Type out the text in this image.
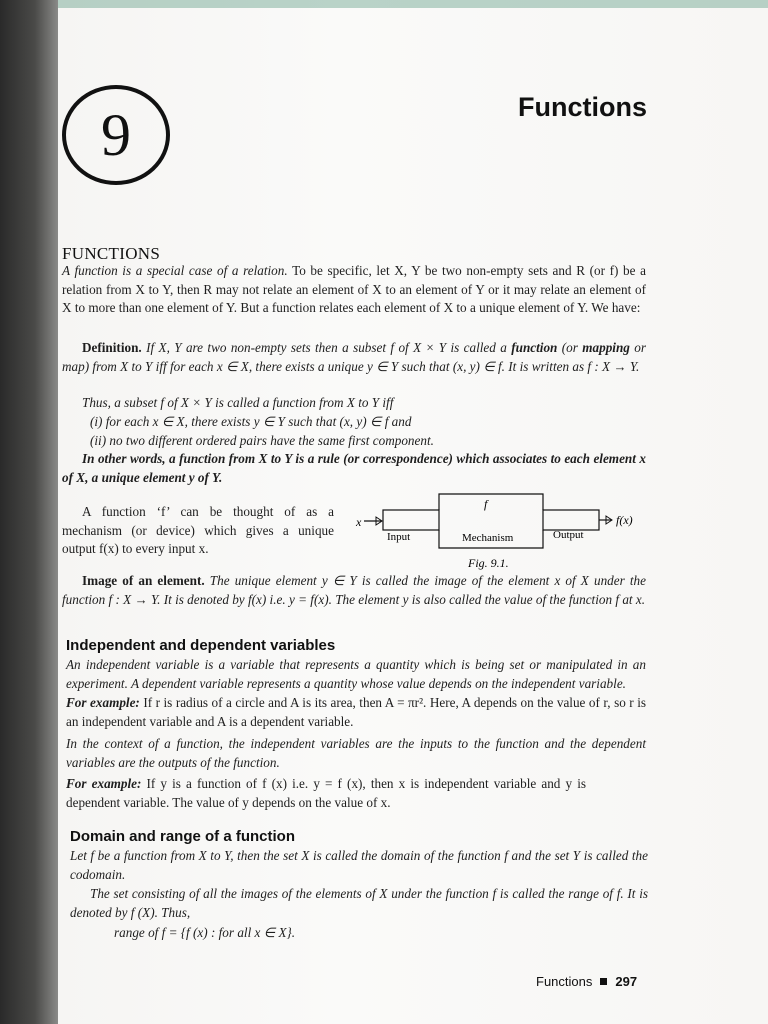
9	Functions
FUNCTIONS
A function is a special case of a relation. To be specific, let X, Y be two non-empty sets and R (or f) be a relation from X to Y, then R may not relate an element of X to an element of Y or it may relate an element of X to more than one element of Y. But a function relates each element of X to a unique element of Y. We have:
Definition. If X, Y are two non-empty sets then a subset f of X × Y is called a function (or mapping or map) from X to Y iff for each x ∈ X, there exists a unique y ∈ Y such that (x, y) ∈ f. It is written as f : X → Y.
Thus, a subset f of X × Y is called a function from X to Y iff
(i) for each x ∈ X, there exists y ∈ Y such that (x, y) ∈ f and
(ii) no two different ordered pairs have the same first component.
In other words, a function from X to Y is a rule (or correspondence) which associates to each element x of X, a unique element y of Y.
A function ‘f’ can be thought of as a mechanism (or device) which gives a unique output f(x) to every input x.
x
Input
f
Mechanism	Output
f(x)
Fig. 9.1.
Image of an element. The unique element y ∈ Y is called the image of the element x of X under the function f : X → Y. It is denoted by f(x) i.e. y = f(x). The element y is also called the value of the function f at x.
Independent and dependent variables
An independent variable is a variable that represents a quantity which is being set or manipulated in an experiment. A dependent variable represents a quantity whose value depends on the independent variable.
For example: If r is radius of a circle and A is its area, then A = πr². Here, A depends on the value of r, so r is an independent variable and A is a dependent variable.
In the context of a function, the independent variables are the inputs to the function and the dependent variables are the outputs of the function.
For example: If y is a function of f (x) i.e. y = f (x), then x is independent variable and y is dependent variable. The value of y depends on the value of x.
Domain and range of a function
Let f be a function from X to Y, then the set X is called the domain of the function f and the set Y is called the codomain.
The set consisting of all the images of the elements of X under the function f is called the range of f. It is denoted by f (X). Thus,
range of f = {f (x) : for all x ∈ X}.
Functions 297
